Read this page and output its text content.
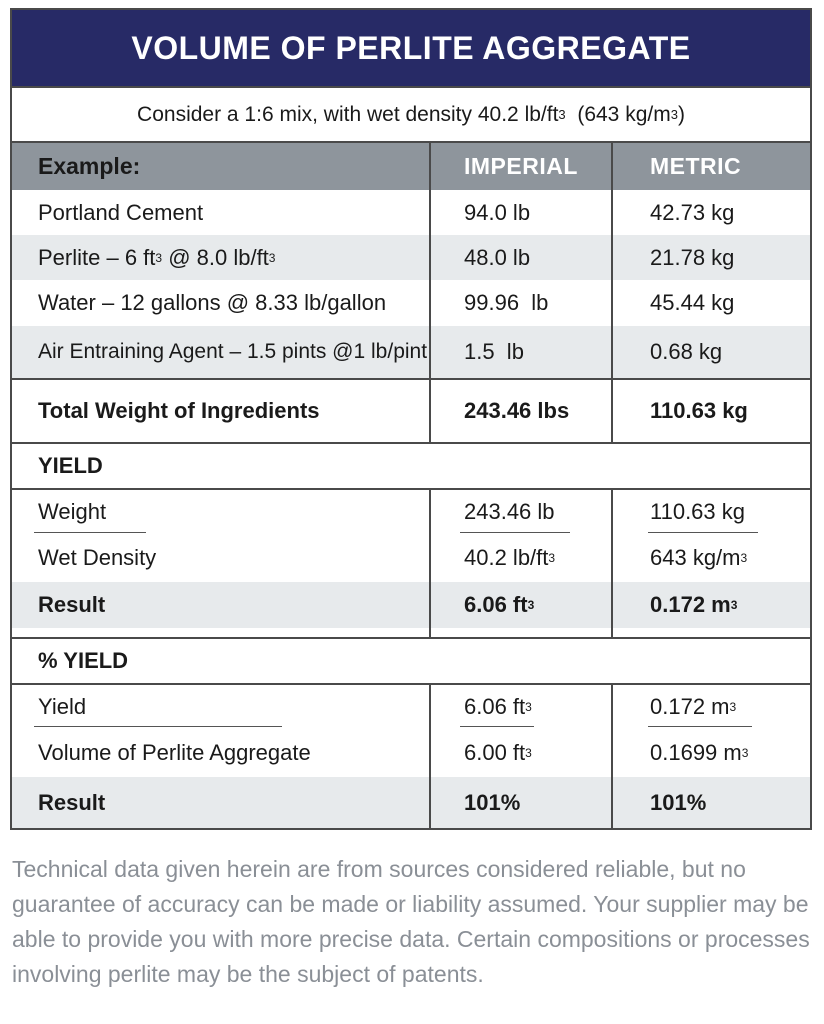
VOLUME OF PERLITE AGGREGATE
Consider a 1:6 mix, with wet density 40.2 lb/ft 3 (643 kg/m 3 )
Example:	IMPERIAL	METRIC
Portland Cement	94.0 lb	42.73 kg
Perlite – 6 ft 3 @ 8.0 lb/ft 3	48.0 lb	21.78 kg
Water – 12 gallons @ 8.33 lb/gallon	99.96  lb	45.44 kg
Air Entraining Agent – 1.5 pints @1 lb/pint	1.5  lb	0.68 kg
Total Weight of Ingredients	243.46 lbs	110.63 kg
YIELD
Weight	243.46 lb	110.63 kg
Wet Density	40.2 lb/ft 3	643 kg/m 3
Result	6.06 ft 3	0.172 m 3
% YIELD
Yield	6.06 ft 3	0.172 m 3
Volume of Perlite Aggregate	6.00 ft 3	0.1699 m 3
Result	101%	101%
Technical data given herein are from sources considered reliable, but no guarantee of accuracy can be made or liability assumed. Your supplier may be able to provide you with more precise data. Certain compositions or processes involving perlite may be the subject of patents.
